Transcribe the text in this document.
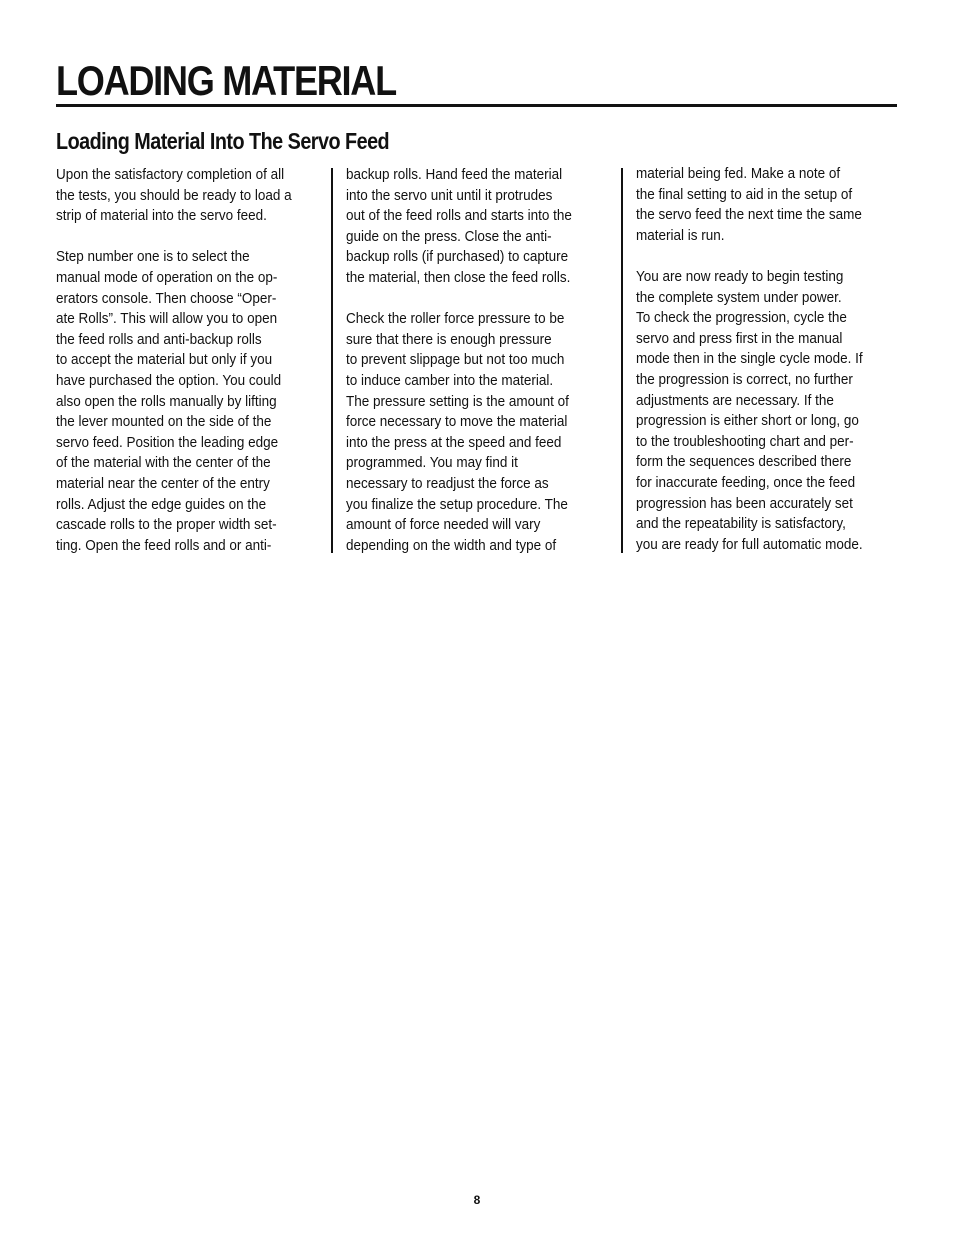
LOADING MATERIAL
Loading Material Into The Servo Feed

Upon the satisfactory completion of all
the tests, you should be ready to load a
strip of material into the servo feed.

Step number one is to select the
manual mode of operation on the op-
erators console. Then choose “Oper-
ate Rolls”. This will allow you to open
the feed rolls and anti-backup rolls
to accept the material but only if you
have purchased the option. You could
also open the rolls manually by lifting
the lever mounted on the side of the
servo feed. Position the leading edge
of the material with the center of the
material near the center of the entry
rolls. Adjust the edge guides on the
cascade rolls to the proper width set-
ting. Open the feed rolls and or anti-

backup rolls. Hand feed the material
into the servo unit until it protrudes
out of the feed rolls and starts into the
guide on the press. Close the anti-
backup rolls (if purchased) to capture
the material, then close the feed rolls.

Check the roller force pressure to be
sure that there is enough pressure
to prevent slippage but not too much
to induce camber into the material.
The pressure setting is the amount of
force necessary to move the material
into the press at the speed and feed
programmed. You may find it
necessary to readjust the force as
you finalize the setup procedure. The
amount of force needed will vary
depending on the width and type of

material being fed. Make a note of
the final setting to aid in the setup of
the servo feed the next time the same
material is run.

You are now ready to begin testing
the complete system under power.
To check the progression, cycle the
servo and press first in the manual
mode then in the single cycle mode. If
the progression is correct, no further
adjustments are necessary. If the
progression is either short or long, go
to the troubleshooting chart and per-
form the sequences described there
for inaccurate feeding, once the feed
progression has been accurately set
and the repeatability is satisfactory,
you are ready for full automatic mode.

8
